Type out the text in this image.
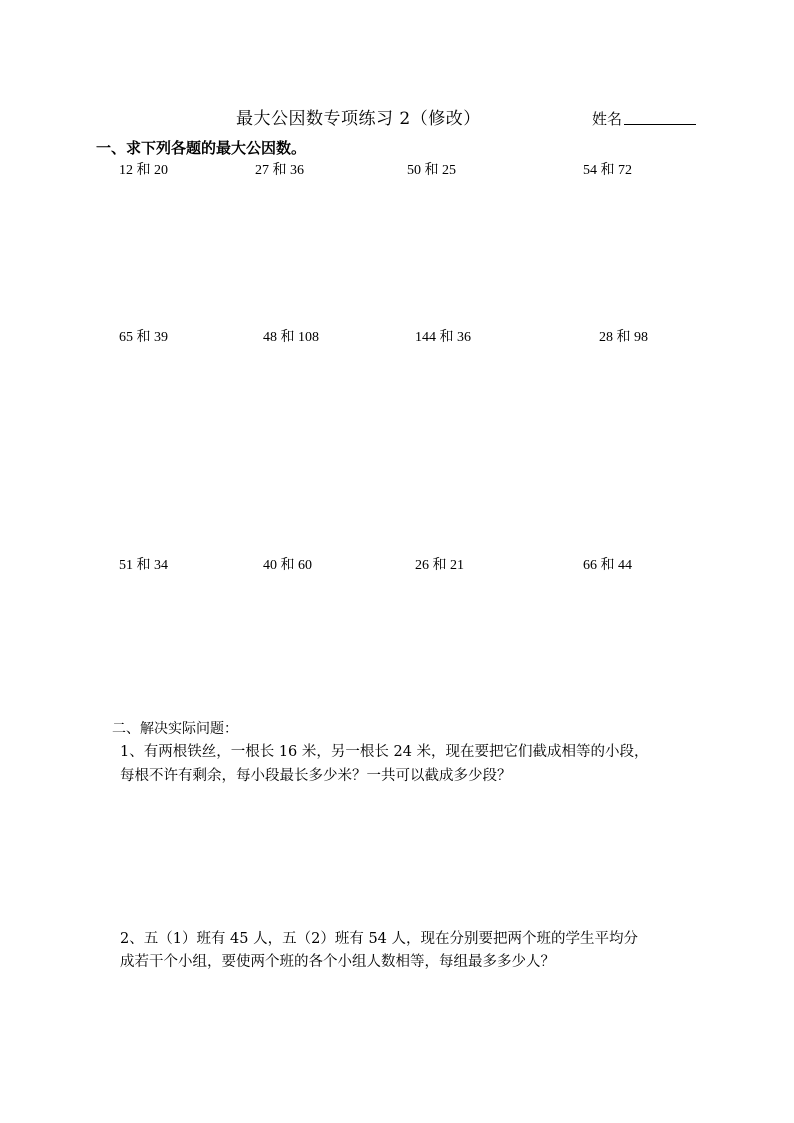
最大公因数专项练习 2（修改）	姓名
一、求下列各题的最大公因数。
12 和 20	27 和 36	50 和 25	54 和 72
65 和 39	48 和 108	144 和 36	28 和 98
51 和 34	40 和 60	26 和 21	66 和 44
二、解决实际问题：
1、有两根铁丝，一根长 16 米，另一根长 24 米，现在要把它们截成相等的小段，
每根不许有剩余，每小段最长多少米？一共可以截成多少段？
2、五（1）班有 45 人，五（2）班有 54 人，现在分别要把两个班的学生平均分
成若干个小组，要使两个班的各个小组人数相等，每组最多多少人？
